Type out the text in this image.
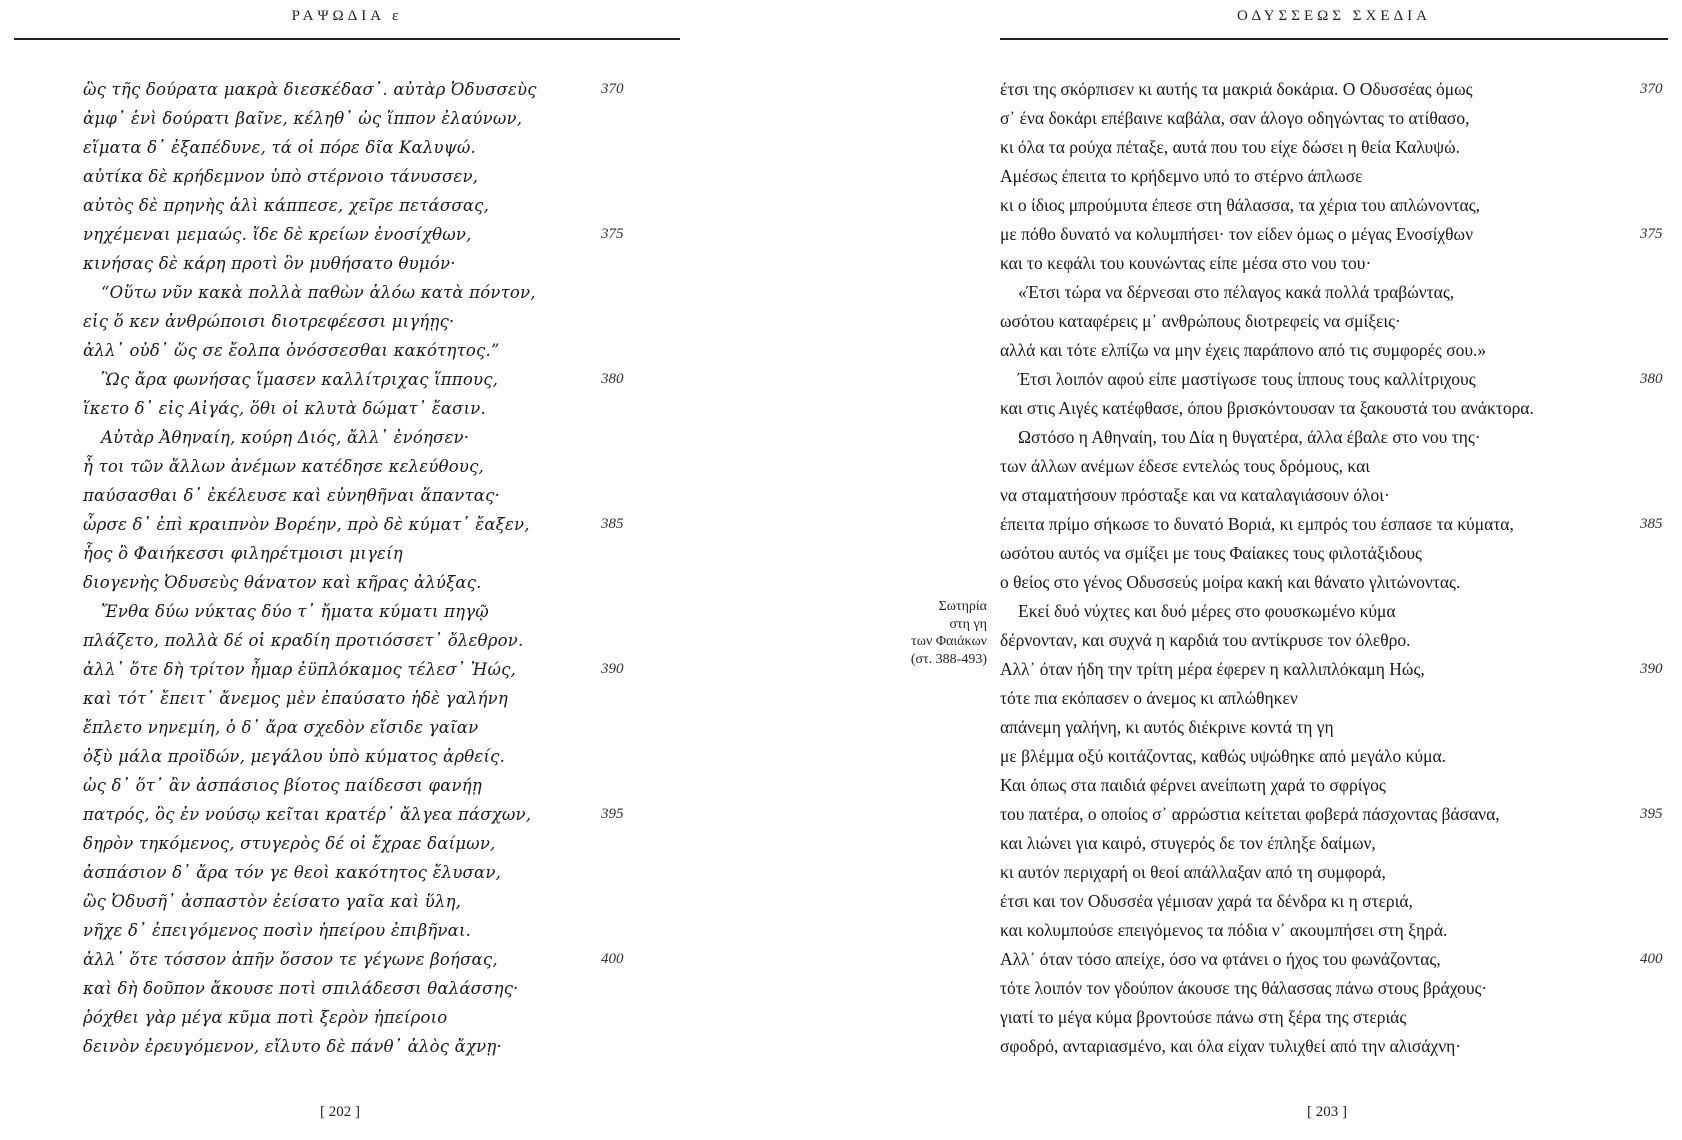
ΡΑΨΩΔΙΑ ε
ὣς τῆς δούρατα μακρὰ διεσκέδασ᾽. αὐτὰρ Ὀδυσσεὺς	370
ἀμφ᾽ ἑνὶ δούρατι βαῖνε, κέληθ᾽ ὡς ἵππον ἐλαύνων,
εἵματα δ᾽ ἐξαπέδυνε, τά οἱ πόρε δῖα Καλυψώ.
αὐτίκα δὲ κρήδεμνον ὑπὸ στέρνοιο τάνυσσεν,
αὐτὸς δὲ πρηνὴς ἁλὶ κάππεσε, χεῖρε πετάσσας,
νηχέμεναι μεμαώς. ἴδε δὲ κρείων ἐνοσίχθων,	375
κινήσας δὲ κάρη προτὶ ὃν μυθήσατο θυμόν·
“Οὕτω νῦν κακὰ πολλὰ παθὼν ἀλόω κατὰ πόντον,
εἰς ὅ κεν ἀνθρώποισι διοτρεφέεσσι μιγήῃς·
ἀλλ᾽ οὐδ᾽ ὥς σε ἔολπα ὀνόσσεσθαι κακότητος.”
Ὣς ἄρα φωνήσας ἵμασεν καλλίτριχας ἵππους,	380
ἵκετο δ᾽ εἰς Αἰγάς, ὅθι οἱ κλυτὰ δώματ᾽ ἔασιν.
Αὐτὰρ Ἀθηναίη, κούρη Διός, ἄλλ᾽ ἐνόησεν·
ἦ τοι τῶν ἄλλων ἀνέμων κατέδησε κελεύθους,
παύσασθαι δ᾽ ἐκέλευσε καὶ εὐνηθῆναι ἅπαντας·
ὦρσε δ᾽ ἐπὶ κραιπνὸν Βορέην, πρὸ δὲ κύματ᾽ ἔαξεν,	385
ἧος ὃ Φαιήκεσσι φιληρέτμοισι μιγείη
διογενὴς Ὀδυσεὺς θάνατον καὶ κῆρας ἀλύξας.
Ἔνθα δύω νύκτας δύο τ᾽ ἤματα κύματι πηγῷ
πλάζετο, πολλὰ δέ οἱ κραδίη προτιόσσετ᾽ ὄλεθρον.
ἀλλ᾽ ὅτε δὴ τρίτον ἦμαρ ἐϋπλόκαμος τέλεσ᾽ Ἠώς,	390
καὶ τότ᾽ ἔπειτ᾽ ἄνεμος μὲν ἐπαύσατο ἠδὲ γαλήνη
ἔπλετο νηνεμίη, ὁ δ᾽ ἄρα σχεδὸν εἴσιδε γαῖαν
ὀξὺ μάλα προϊδών, μεγάλου ὑπὸ κύματος ἀρθείς.
ὡς δ᾽ ὅτ᾽ ἂν ἀσπάσιος βίοτος παίδεσσι φανήῃ
πατρός, ὃς ἐν νούσῳ κεῖται κρατέρ᾽ ἄλγεα πάσχων,	395
δηρὸν τηκόμενος, στυγερὸς δέ οἱ ἔχραε δαίμων,
ἀσπάσιον δ᾽ ἄρα τόν γε θεοὶ κακότητος ἔλυσαν,
ὣς Ὀδυσῆ᾽ ἀσπαστὸν ἐείσατο γαῖα καὶ ὕλη,
νῆχε δ᾽ ἐπειγόμενος ποσὶν ἠπείρου ἐπιβῆναι.
ἀλλ᾽ ὅτε τόσσον ἀπῆν ὅσσον τε γέγωνε βοήσας,	400
καὶ δὴ δοῦπον ἄκουσε ποτὶ σπιλάδεσσι θαλάσσης·
ῥόχθει γὰρ μέγα κῦμα ποτὶ ξερὸν ἠπείροιο
δεινὸν ἐρευγόμενον, εἴλυτο δὲ πάνθ᾽ ἁλὸς ἄχνῃ·
[ 202 ]
ΟΔΥΣΣΕΩΣ ΣΧΕΔΙΑ
Σωτηρία
στη γη
των Φαιάκων
(στ. 388-493)
έτσι της σκόρπισεν κι αυτής τα μακριά δοκάρια. Ο Οδυσσέας όμως	370
σ᾽ ένα δοκάρι επέβαινε καβάλα, σαν άλογο οδηγώντας το ατίθασο,
κι όλα τα ρούχα πέταξε, αυτά που του είχε δώσει η θεία Καλυψώ.
Αμέσως έπειτα το κρήδεμνο υπό το στέρνο άπλωσε
κι ο ίδιος μπρούμυτα έπεσε στη θάλασσα, τα χέρια του απλώνοντας,
με πόθο δυνατό να κολυμπήσει· τον είδεν όμως ο μέγας Ενοσίχθων	375
και το κεφάλι του κουνώντας είπε μέσα στο νου του·
«Έτσι τώρα να δέρνεσαι στο πέλαγος κακά πολλά τραβώντας,
ωσότου καταφέρεις μ᾽ ανθρώπους διοτρεφείς να σμίξεις·
αλλά και τότε ελπίζω να μην έχεις παράπονο από τις συμφορές σου.»
Έτσι λοιπόν αφού είπε μαστίγωσε τους ίππους τους καλλίτριχους	380
και στις Αιγές κατέφθασε, όπου βρισκόντουσαν τα ξακουστά του ανάκτορα.
Ωστόσο η Αθηναίη, του Δία η θυγατέρα, άλλα έβαλε στο νου της·
των άλλων ανέμων έδεσε εντελώς τους δρόμους, και
να σταματήσουν πρόσταξε και να καταλαγιάσουν όλοι·
έπειτα πρίμο σήκωσε το δυνατό Βοριά, κι εμπρός του έσπασε τα κύματα,	385
ωσότου αυτός να σμίξει με τους Φαίακες τους φιλοτάξιδους
ο θείος στο γένος Οδυσσεύς μοίρα κακή και θάνατο γλιτώνοντας.
Εκεί δυό νύχτες και δυό μέρες στο φουσκωμένο κύμα
δέρνονταν, και συχνά η καρδιά του αντίκρυσε τον όλεθρο.
Αλλ᾽ όταν ήδη την τρίτη μέρα έφερεν η καλλιπλόκαμη Ηώς,	390
τότε πια εκόπασεν ο άνεμος κι απλώθηκεν
απάνεμη γαλήνη, κι αυτός διέκρινε κοντά τη γη
με βλέμμα οξύ κοιτάζοντας, καθώς υψώθηκε από μεγάλο κύμα.
Και όπως στα παιδιά φέρνει ανείπωτη χαρά το σφρίγος
του πατέρα, ο οποίος σ᾽ αρρώστια κείτεται φοβερά πάσχοντας βάσανα,	395
και λιώνει για καιρό, στυγερός δε τον έπληξε δαίμων,
κι αυτόν περιχαρή οι θεοί απάλλαξαν από τη συμφορά,
έτσι και τον Οδυσσέα γέμισαν χαρά τα δένδρα κι η στεριά,
και κολυμπούσε επειγόμενος τα πόδια ν᾽ ακουμπήσει στη ξηρά.
Αλλ᾽ όταν τόσο απείχε, όσο να φτάνει ο ήχος του φωνάζοντας,	400
τότε λοιπόν τον γδούπον άκουσε της θάλασσας πάνω στους βράχους·
γιατί το μέγα κύμα βροντούσε πάνω στη ξέρα της στεριάς
σφοδρό, ανταριασμένο, και όλα είχαν τυλιχθεί από την αλισάχνη·
[ 203 ]
